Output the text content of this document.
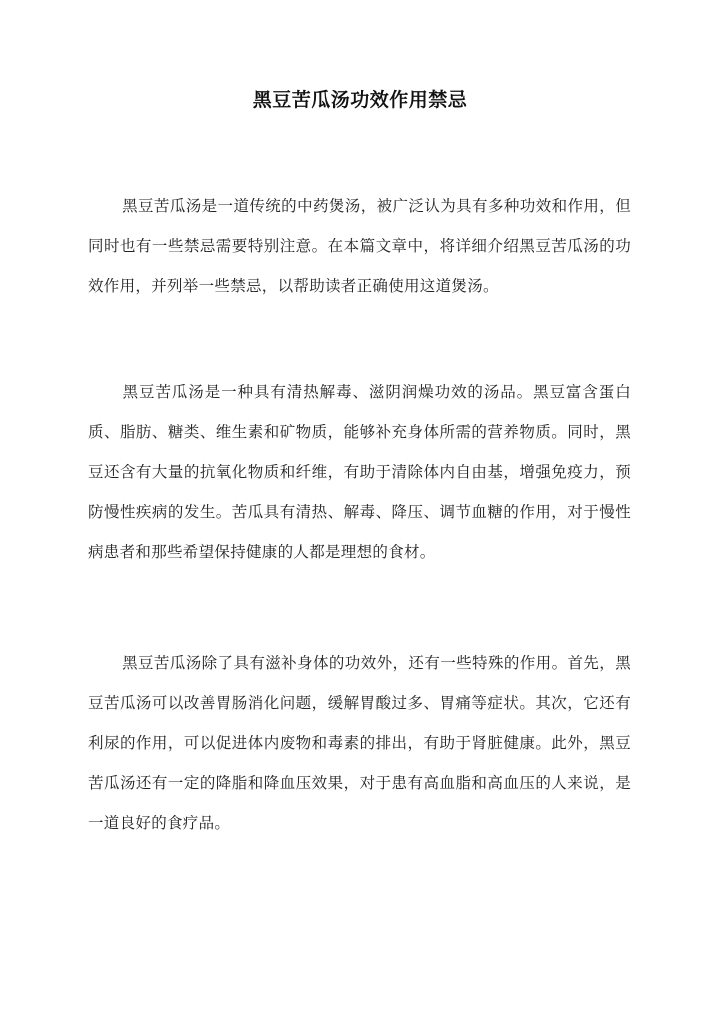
黑豆苦瓜汤功效作用禁忌

黑豆苦瓜汤是一道传统的中药煲汤，被广泛认为具有多种功效和作用，但同时也有一些禁忌需要特别注意。在本篇文章中，将详细介绍黑豆苦瓜汤的功效作用，并列举一些禁忌，以帮助读者正确使用这道煲汤。

黑豆苦瓜汤是一种具有清热解毒、滋阴润燥功效的汤品。黑豆富含蛋白质、脂肪、糖类、维生素和矿物质，能够补充身体所需的营养物质。同时，黑豆还含有大量的抗氧化物质和纤维，有助于清除体内自由基，增强免疫力，预防慢性疾病的发生。苦瓜具有清热、解毒、降压、调节血糖的作用，对于慢性病患者和那些希望保持健康的人都是理想的食材。

黑豆苦瓜汤除了具有滋补身体的功效外，还有一些特殊的作用。首先，黑豆苦瓜汤可以改善胃肠消化问题，缓解胃酸过多、胃痛等症状。其次，它还有利尿的作用，可以促进体内废物和毒素的排出，有助于肾脏健康。此外，黑豆苦瓜汤还有一定的降脂和降血压效果，对于患有高血脂和高血压的人来说，是一道良好的食疗品。
